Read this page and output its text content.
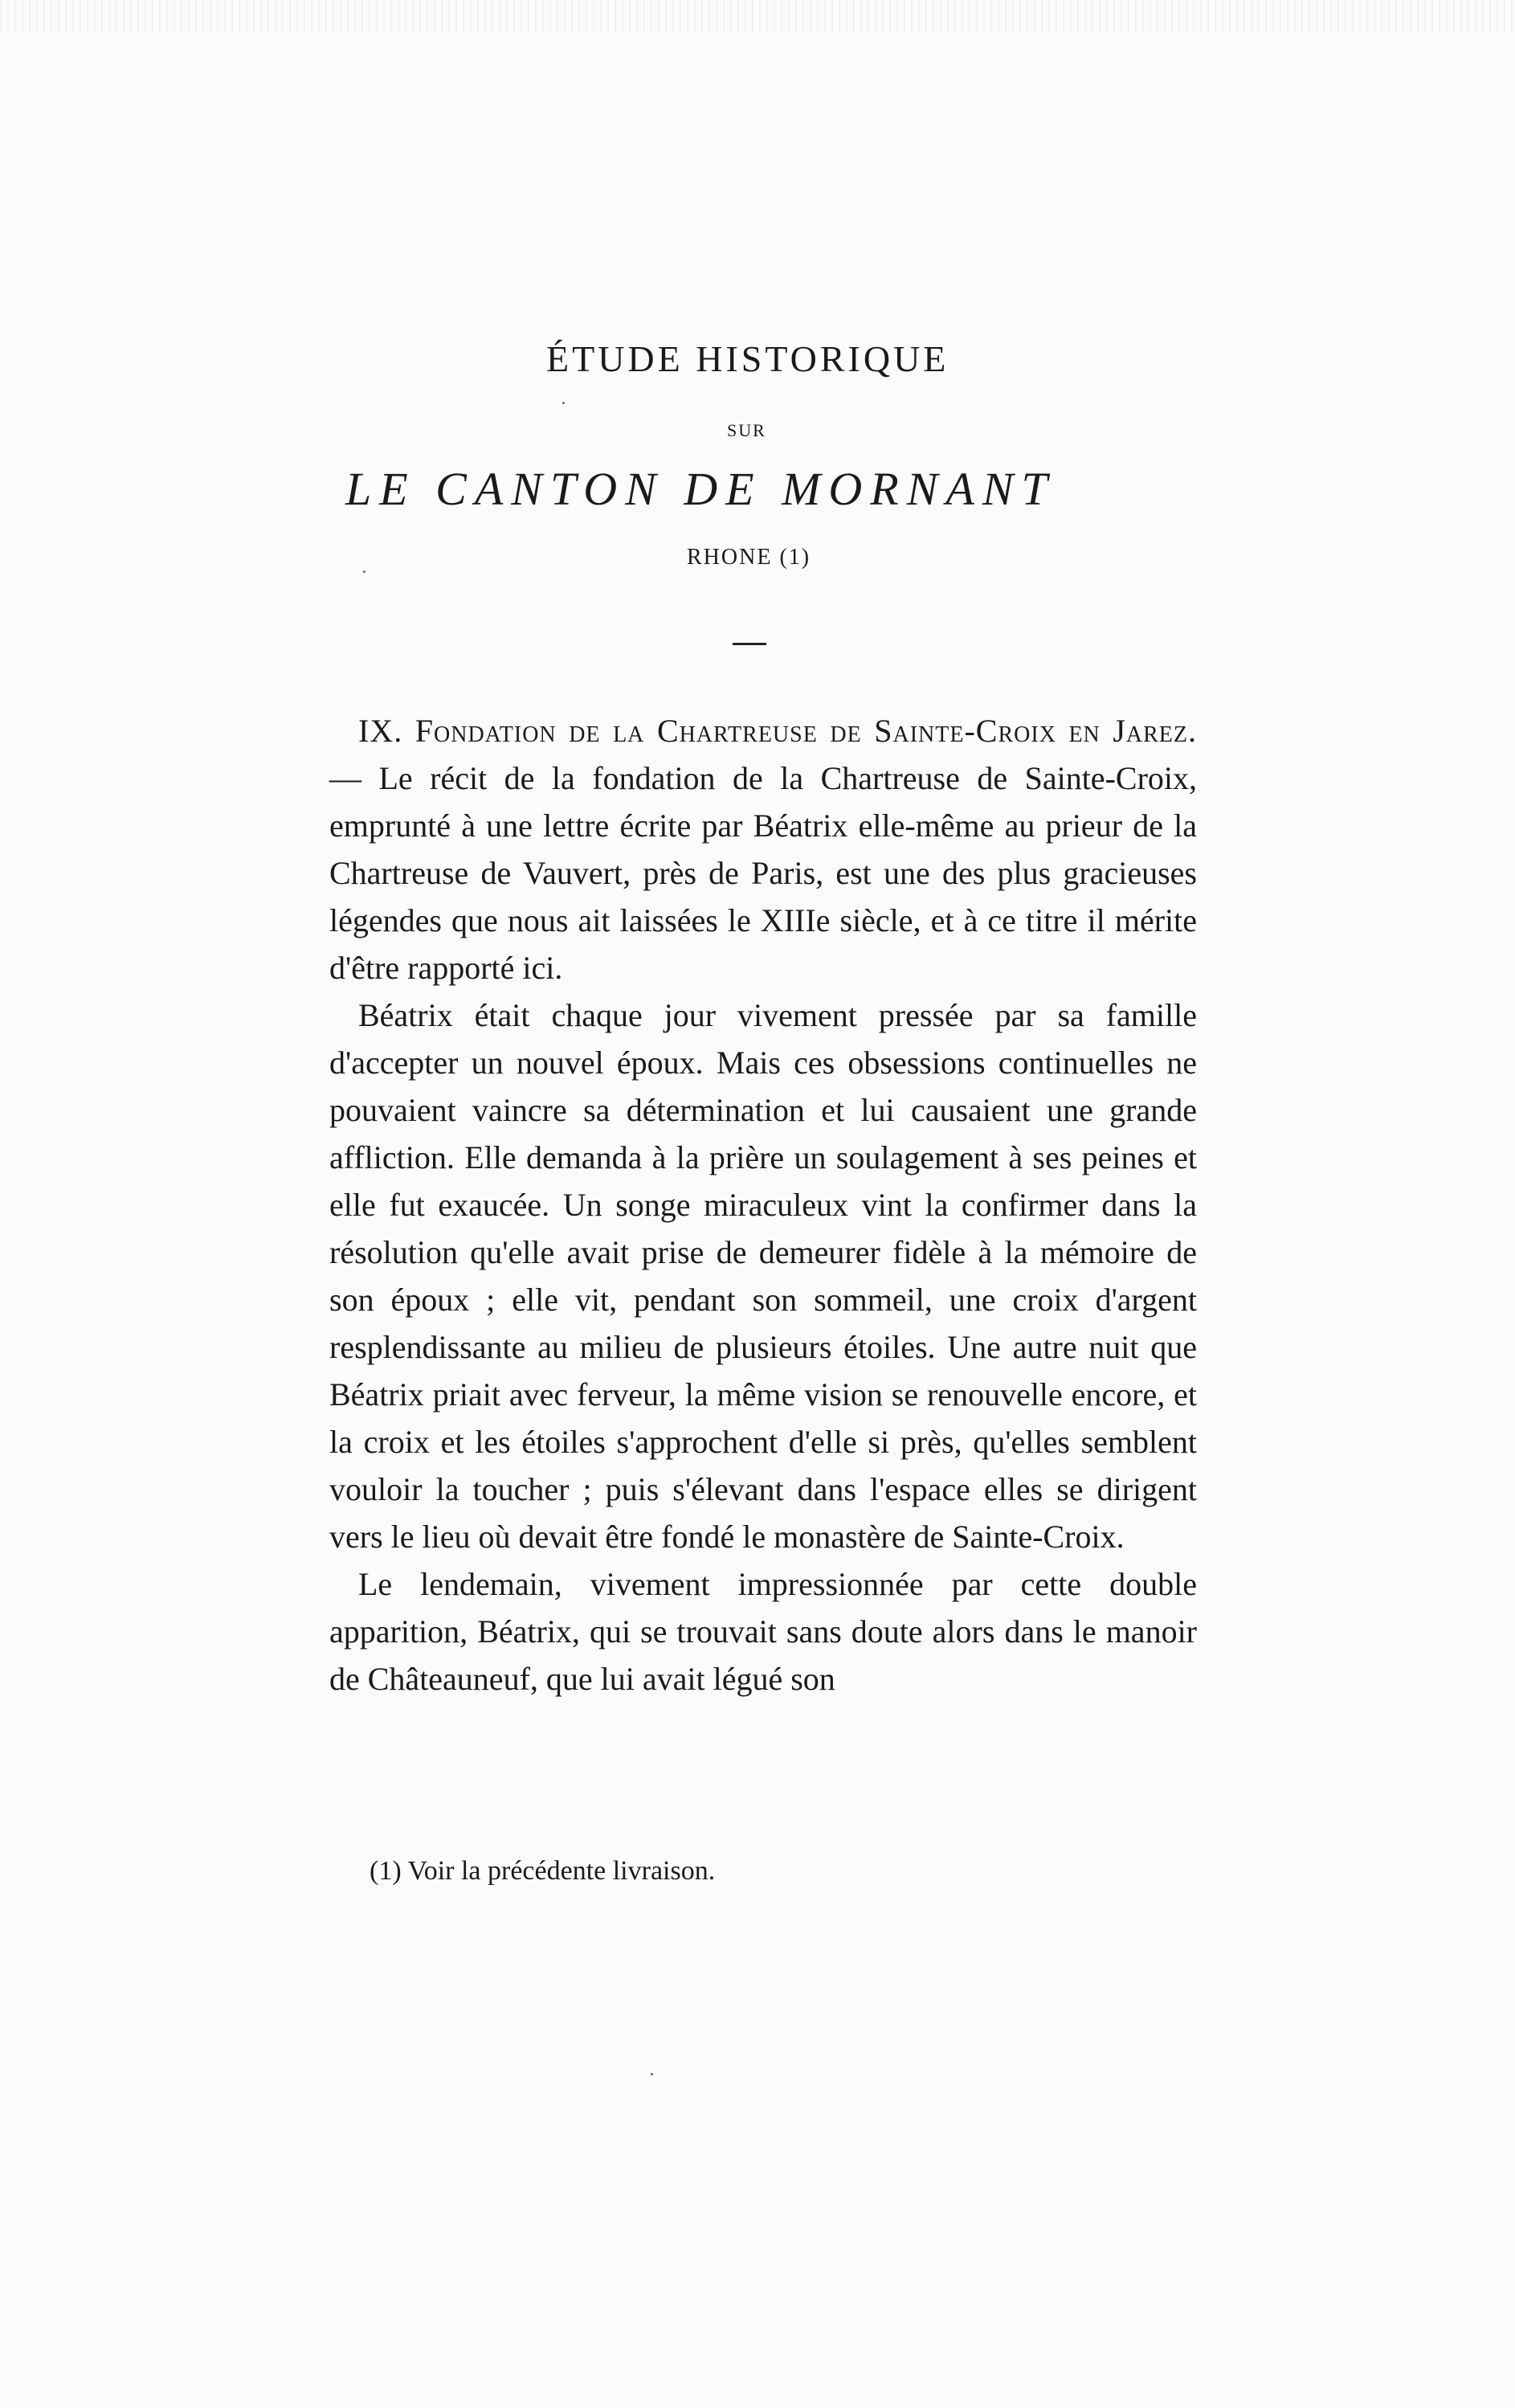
ÉTUDE HISTORIQUE
SUR
LE CANTON DE MORNANT
RHONE (1)

IX. Fondation de la Chartreuse de Sainte-Croix en Jarez. — Le récit de la fondation de la Chartreuse de Sainte-Croix, emprunté à une lettre écrite par Béatrix elle-même au prieur de la Chartreuse de Vauvert, près de Paris, est une des plus gracieuses légendes que nous ait laissées le XIIIe siècle, et à ce titre il mérite d'être rapporté ici.

Béatrix était chaque jour vivement pressée par sa famille d'accepter un nouvel époux. Mais ces obsessions continuelles ne pouvaient vaincre sa détermination et lui causaient une grande affliction. Elle demanda à la prière un soulagement à ses peines et elle fut exaucée. Un songe miraculeux vint la confirmer dans la résolution qu'elle avait prise de demeurer fidèle à la mémoire de son époux ; elle vit, pendant son sommeil, une croix d'argent resplendissante au milieu de plusieurs étoiles. Une autre nuit que Béatrix priait avec ferveur, la même vision se renouvelle encore, et la croix et les étoiles s'approchent d'elle si près, qu'elles semblent vouloir la toucher ; puis s'élevant dans l'espace elles se dirigent vers le lieu où devait être fondé le monastère de Sainte-Croix.

Le lendemain, vivement impressionnée par cette double apparition, Béatrix, qui se trouvait sans doute alors dans le manoir de Châteauneuf, que lui avait légué son

(1) Voir la précédente livraison.
